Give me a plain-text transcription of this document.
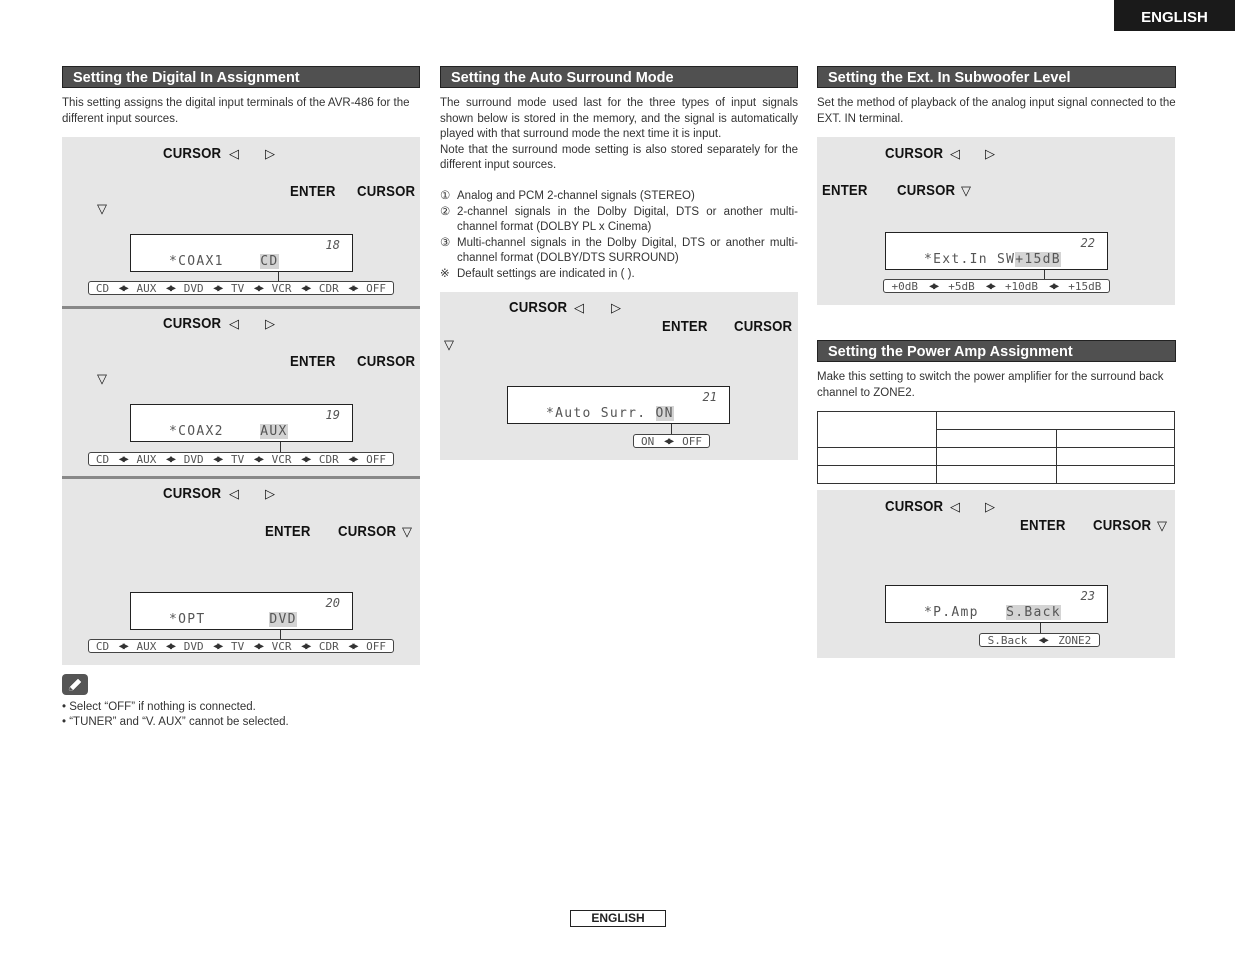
ENGLISH
Setting the Digital In Assignment
This setting assigns the digital input terminals of the AVR-486 for the different input sources.
CURSOR ◁ ▷
ENTER CURSOR
▽
18
*COAX1	CD
CD ◀▶ AUX ◀▶ DVD ◀▶ TV ◀▶ VCR ◀▶ CDR ◀▶ OFF
CURSOR ◁ ▷
ENTER CURSOR
▽
19
*COAX2	AUX
CD ◀▶ AUX ◀▶ DVD ◀▶ TV ◀▶ VCR ◀▶ CDR ◀▶ OFF
CURSOR ◁ ▷
ENTER CURSOR ▽
20
*OPT	DVD
CD ◀▶ AUX ◀▶ DVD ◀▶ TV ◀▶ VCR ◀▶ CDR ◀▶ OFF
• Select “OFF” if nothing is connected.
• “TUNER” and “V. AUX” cannot be selected.
Setting the Auto Surround Mode

The surround mode used last for the three types of input signals shown below is stored in the memory, and the signal is automatically played with that surround mode the next time it is input.

Note that the surround mode setting is also stored separately for the different input sources.

① Analog and PCM 2-channel signals (STEREO)
② 2-channel signals in the Dolby Digital, DTS or another multi-channel format (DOLBY PL x Cinema)
③ Multi-channel signals in the Dolby Digital, DTS or another multi-channel format (DOLBY/DTS SURROUND)
※ Default settings are indicated in ( ).
CURSOR ◁ ▷
ENTER CURSOR
▽
21
*Auto Surr. ON
ON ◀▶ OFF
Setting the Ext. In Subwoofer Level
Set the method of playback of the analog input signal connected to the EXT. IN terminal.
CURSOR ◁ ▷
ENTER CURSOR ▽
22
*Ext.In SW+15dB
+0dB ◀▶ +5dB ◀▶ +10dB ◀▶ +15dB
Setting the Power Amp Assignment
Make this setting to switch the power amplifier for the surround back channel to ZONE2.

CURSOR ◁ ▷
ENTER CURSOR ▽
23
*P.Amp S.Back
S.Back ◀▶ ZONE2
ENGLISH
